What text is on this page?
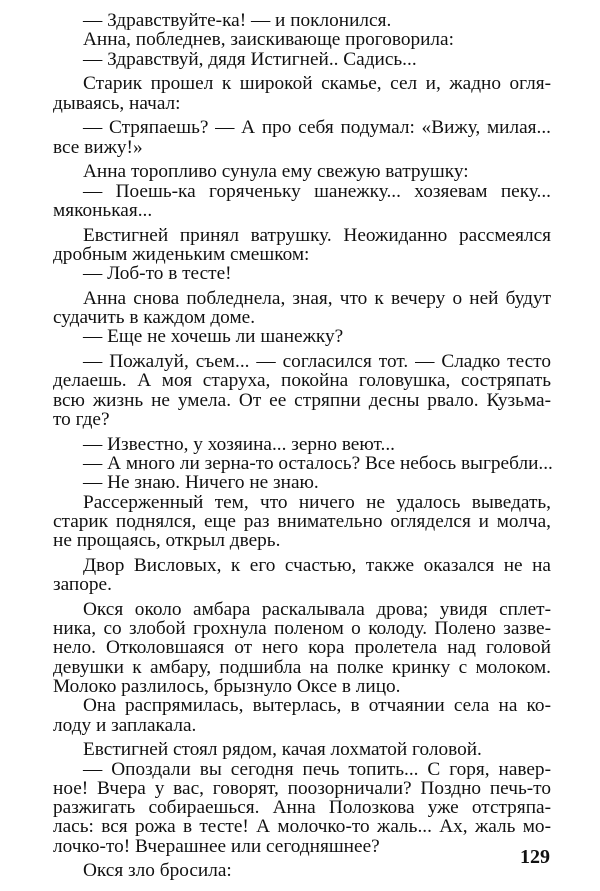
— Здравствуйте-ка! — и поклонился.
Анна, побледнев, заискивающе проговорила:
— Здравствуй, дядя Истигней.. Садись...
Старик прошел к широкой скамье, сел и, жадно огля-
дываясь, начал:
— Стряпаешь? — А про себя подумал: «Вижу, милая...
все вижу!»
Анна торопливо сунула ему свежую ватрушку:
— Поешь-ка горяченьку шанежку... хозяевам пеку...
мяконькая...
Евстигней принял ватрушку. Неожиданно рассмеялся
дробным жиденьким смешком:
— Лоб-то в тесте!
Анна снова побледнела, зная, что к вечеру о ней будут
судачить в каждом доме.
— Еще не хочешь ли шанежку?
— Пожалуй, съем... — согласился тот. — Сладко тесто
делаешь. А моя старуха, покойна головушка, состряпать
всю жизнь не умела. От ее стряпни десны рвало. Кузьма-
то где?
— Известно, у хозяина... зерно веют...
— А много ли зерна-то осталось? Все небось выгребли...
— Не знаю. Ничего не знаю.
Рассерженный тем, что ничего не удалось выведать,
старик поднялся, еще раз внимательно огляделся и молча,
не прощаясь, открыл дверь.
Двор Висловых, к его счастью, также оказался не на
запоре.
Окся около амбара раскалывала дрова; увидя сплет-
ника, со злобой грохнула поленом о колоду. Полено зазве-
нело. Отколовшаяся от него кора пролетела над головой
девушки к амбару, подшибла на полке кринку с молоком.
Молоко разлилось, брызнуло Оксе в лицо.
Она распрямилась, вытерлась, в отчаянии села на ко-
лоду и заплакала.
Евстигней стоял рядом, качая лохматой головой.
— Опоздали вы сегодня печь топить... С горя, навер-
ное! Вчера у вас, говорят, поозорничали? Поздно печь-то
разжигать собираешься. Анна Полозкова уже отстряпа-
лась: вся рожа в тесте! А молочко-то жаль... Ах, жаль мо-
лочко-то! Вчерашнее или сегодняшнее?
Окся зло бросила:
129
